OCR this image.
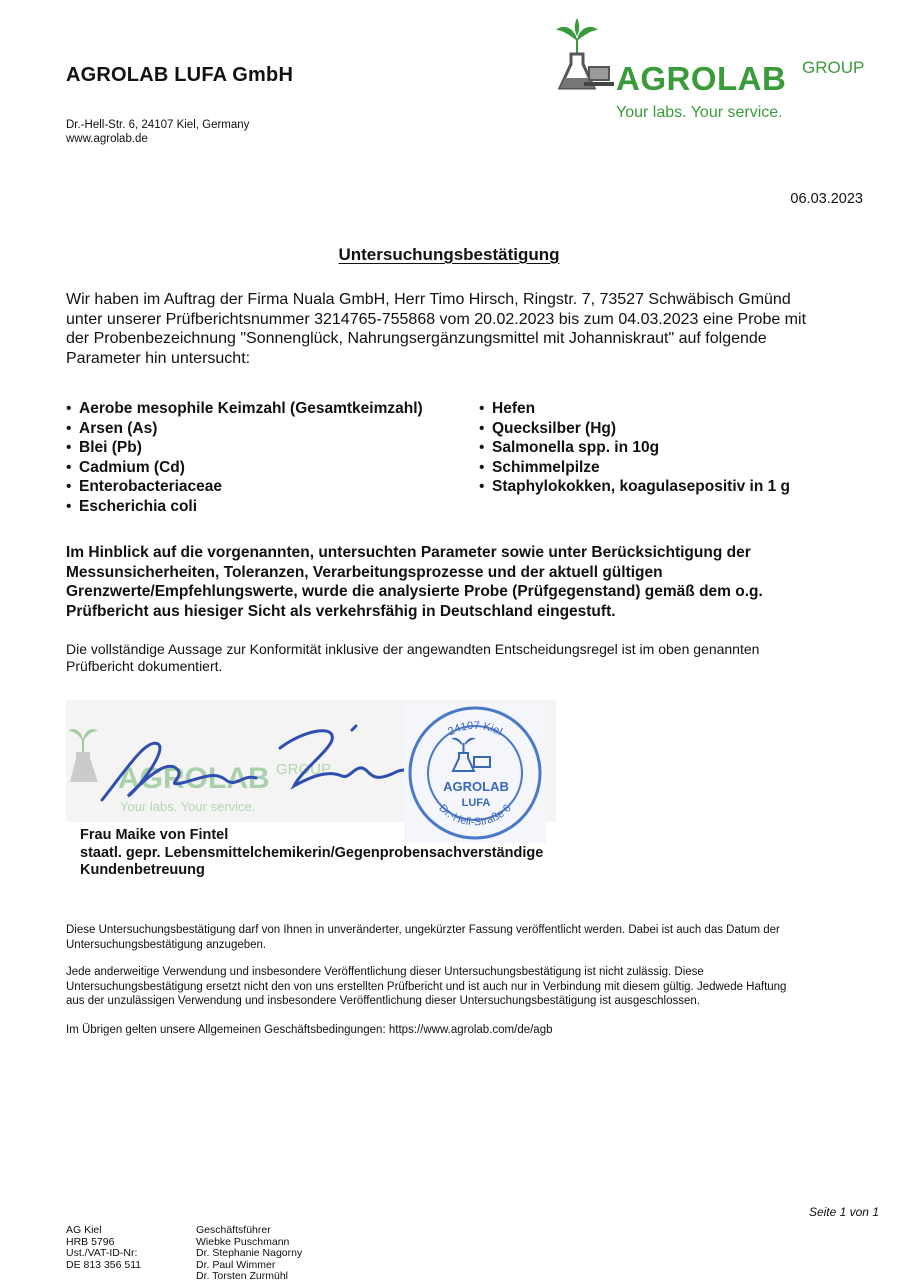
AGROLAB LUFA GmbH
Dr.-Hell-Str. 6, 24107 Kiel, Germany
www.agrolab.de
AGROLAB GROUP
Your labs. Your service.
06.03.2023
Untersuchungsbestätigung
Wir haben im Auftrag der Firma Nuala GmbH, Herr Timo Hirsch, Ringstr. 7, 73527 Schwäbisch Gmünd
unter unserer Prüfberichtsnummer 3214765-755868 vom 20.02.2023 bis zum 04.03.2023 eine Probe mit
der Probenbezeichnung "Sonnenglück, Nahrungsergänzungsmittel mit Johanniskraut" auf folgende
Parameter hin untersucht:
• Aerobe mesophile Keimzahl (Gesamtkeimzahl)
• Arsen (As)
• Blei (Pb)
• Cadmium (Cd)
• Enterobacteriaceae
• Escherichia coli
• Hefen
• Quecksilber (Hg)
• Salmonella spp. in 10g
• Schimmelpilze
• Staphylokokken, koagulasepositiv in 1 g
Im Hinblick auf die vorgenannten, untersuchten Parameter sowie unter Berücksichtigung der
Messunsicherheiten, Toleranzen, Verarbeitungsprozesse und der aktuell gültigen
Grenzwerte/Empfehlungswerte, wurde die analysierte Probe (Prüfgegenstand) gemäß dem o.g.
Prüfbericht aus hiesiger Sicht als verkehrsfähig in Deutschland eingestuft.
Die vollständige Aussage zur Konformität inklusive der angewandten Entscheidungsregel ist im oben genannten
Prüfbericht dokumentiert.
AGROLAB GROUP
Your labs. Your service.
24107 Kiel
Dr.-Hell-Straße 6
AGROLAB
LUFA
Frau Maike von Fintel
staatl. gepr. Lebensmittelchemikerin/Gegenprobensachverständige
Kundenbetreuung
Diese Untersuchungsbestätigung darf von Ihnen in unveränderter, ungekürzter Fassung veröffentlicht werden. Dabei ist auch das Datum der
Untersuchungsbestätigung anzugeben.
Jede anderweitige Verwendung und insbesondere Veröffentlichung dieser Untersuchungsbestätigung ist nicht zulässig. Diese
Untersuchungsbestätigung ersetzt nicht den von uns erstellten Prüfbericht und ist auch nur in Verbindung mit diesem gültig. Jedwede Haftung
aus der unzulässigen Verwendung und insbesondere Veröffentlichung dieser Untersuchungsbestätigung ist ausgeschlossen.
Im Übrigen gelten unsere Allgemeinen Geschäftsbedingungen: https://www.agrolab.com/de/agb
Seite 1 von 1
AG Kiel
HRB 5796
Ust./VAT-ID-Nr:
DE 813 356 511
Geschäftsführer
Wiebke Puschmann
Dr. Stephanie Nagorny
Dr. Paul Wimmer
Dr. Torsten Zurmühl
